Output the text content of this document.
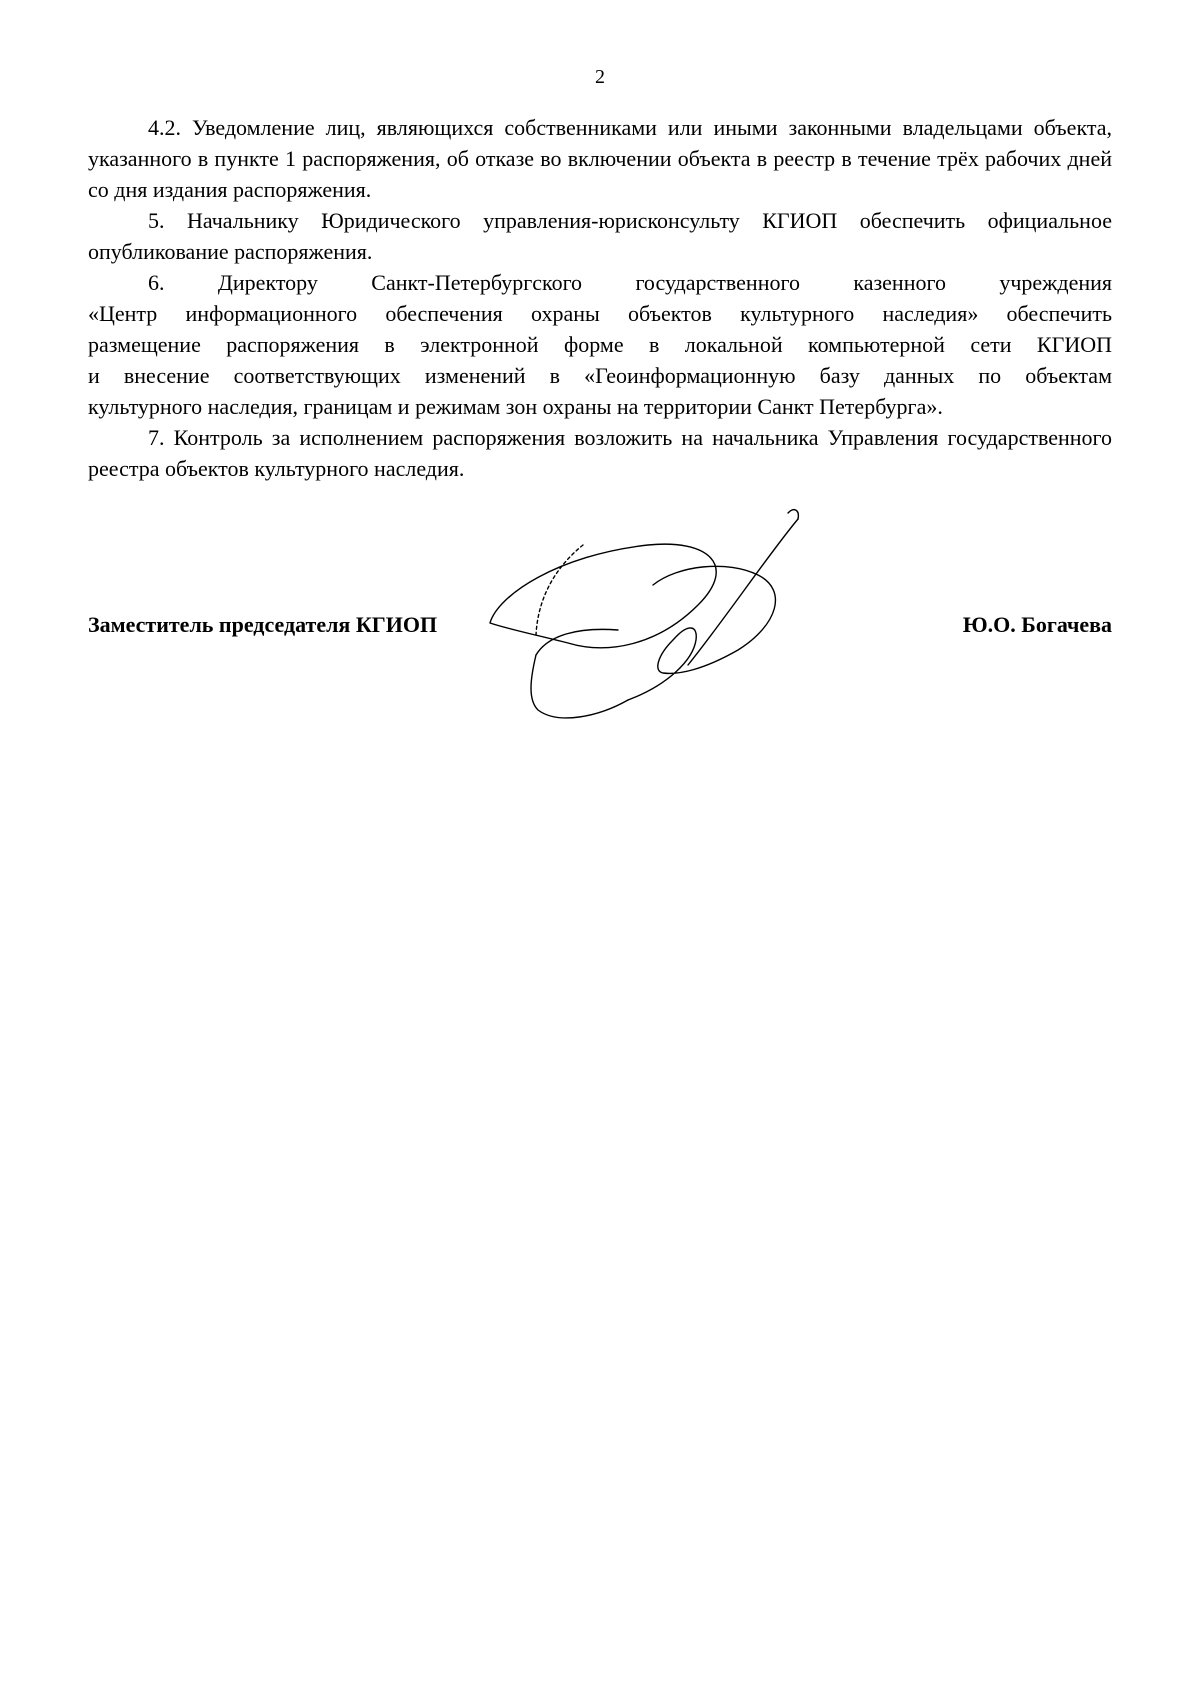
2

4.2. Уведомление лиц, являющихся собственниками или иными законными владельцами объекта, указанного в пункте 1 распоряжения, об отказе во включении объекта в реестр в течение трёх рабочих дней со дня издания распоряжения.

5. Начальнику Юридического управления-юрисконсульту КГИОП обеспечить официальное опубликование распоряжения.

6. Директору Санкт-Петербургского государственного казенного учреждения

«Центр информационного обеспечения охраны объектов культурного наследия» обеспечить

размещение распоряжения в электронной форме в локальной компьютерной сети КГИОП

и внесение соответствующих изменений в «Геоинформационную базу данных по объектам

культурного наследия, границам и режимам зон охраны на территории Санкт Петербурга».

7. Контроль за исполнением распоряжения возложить на начальника Управления государственного реестра объектов культурного наследия.

Заместитель председателя КГИОП	Ю.О. Богачева
